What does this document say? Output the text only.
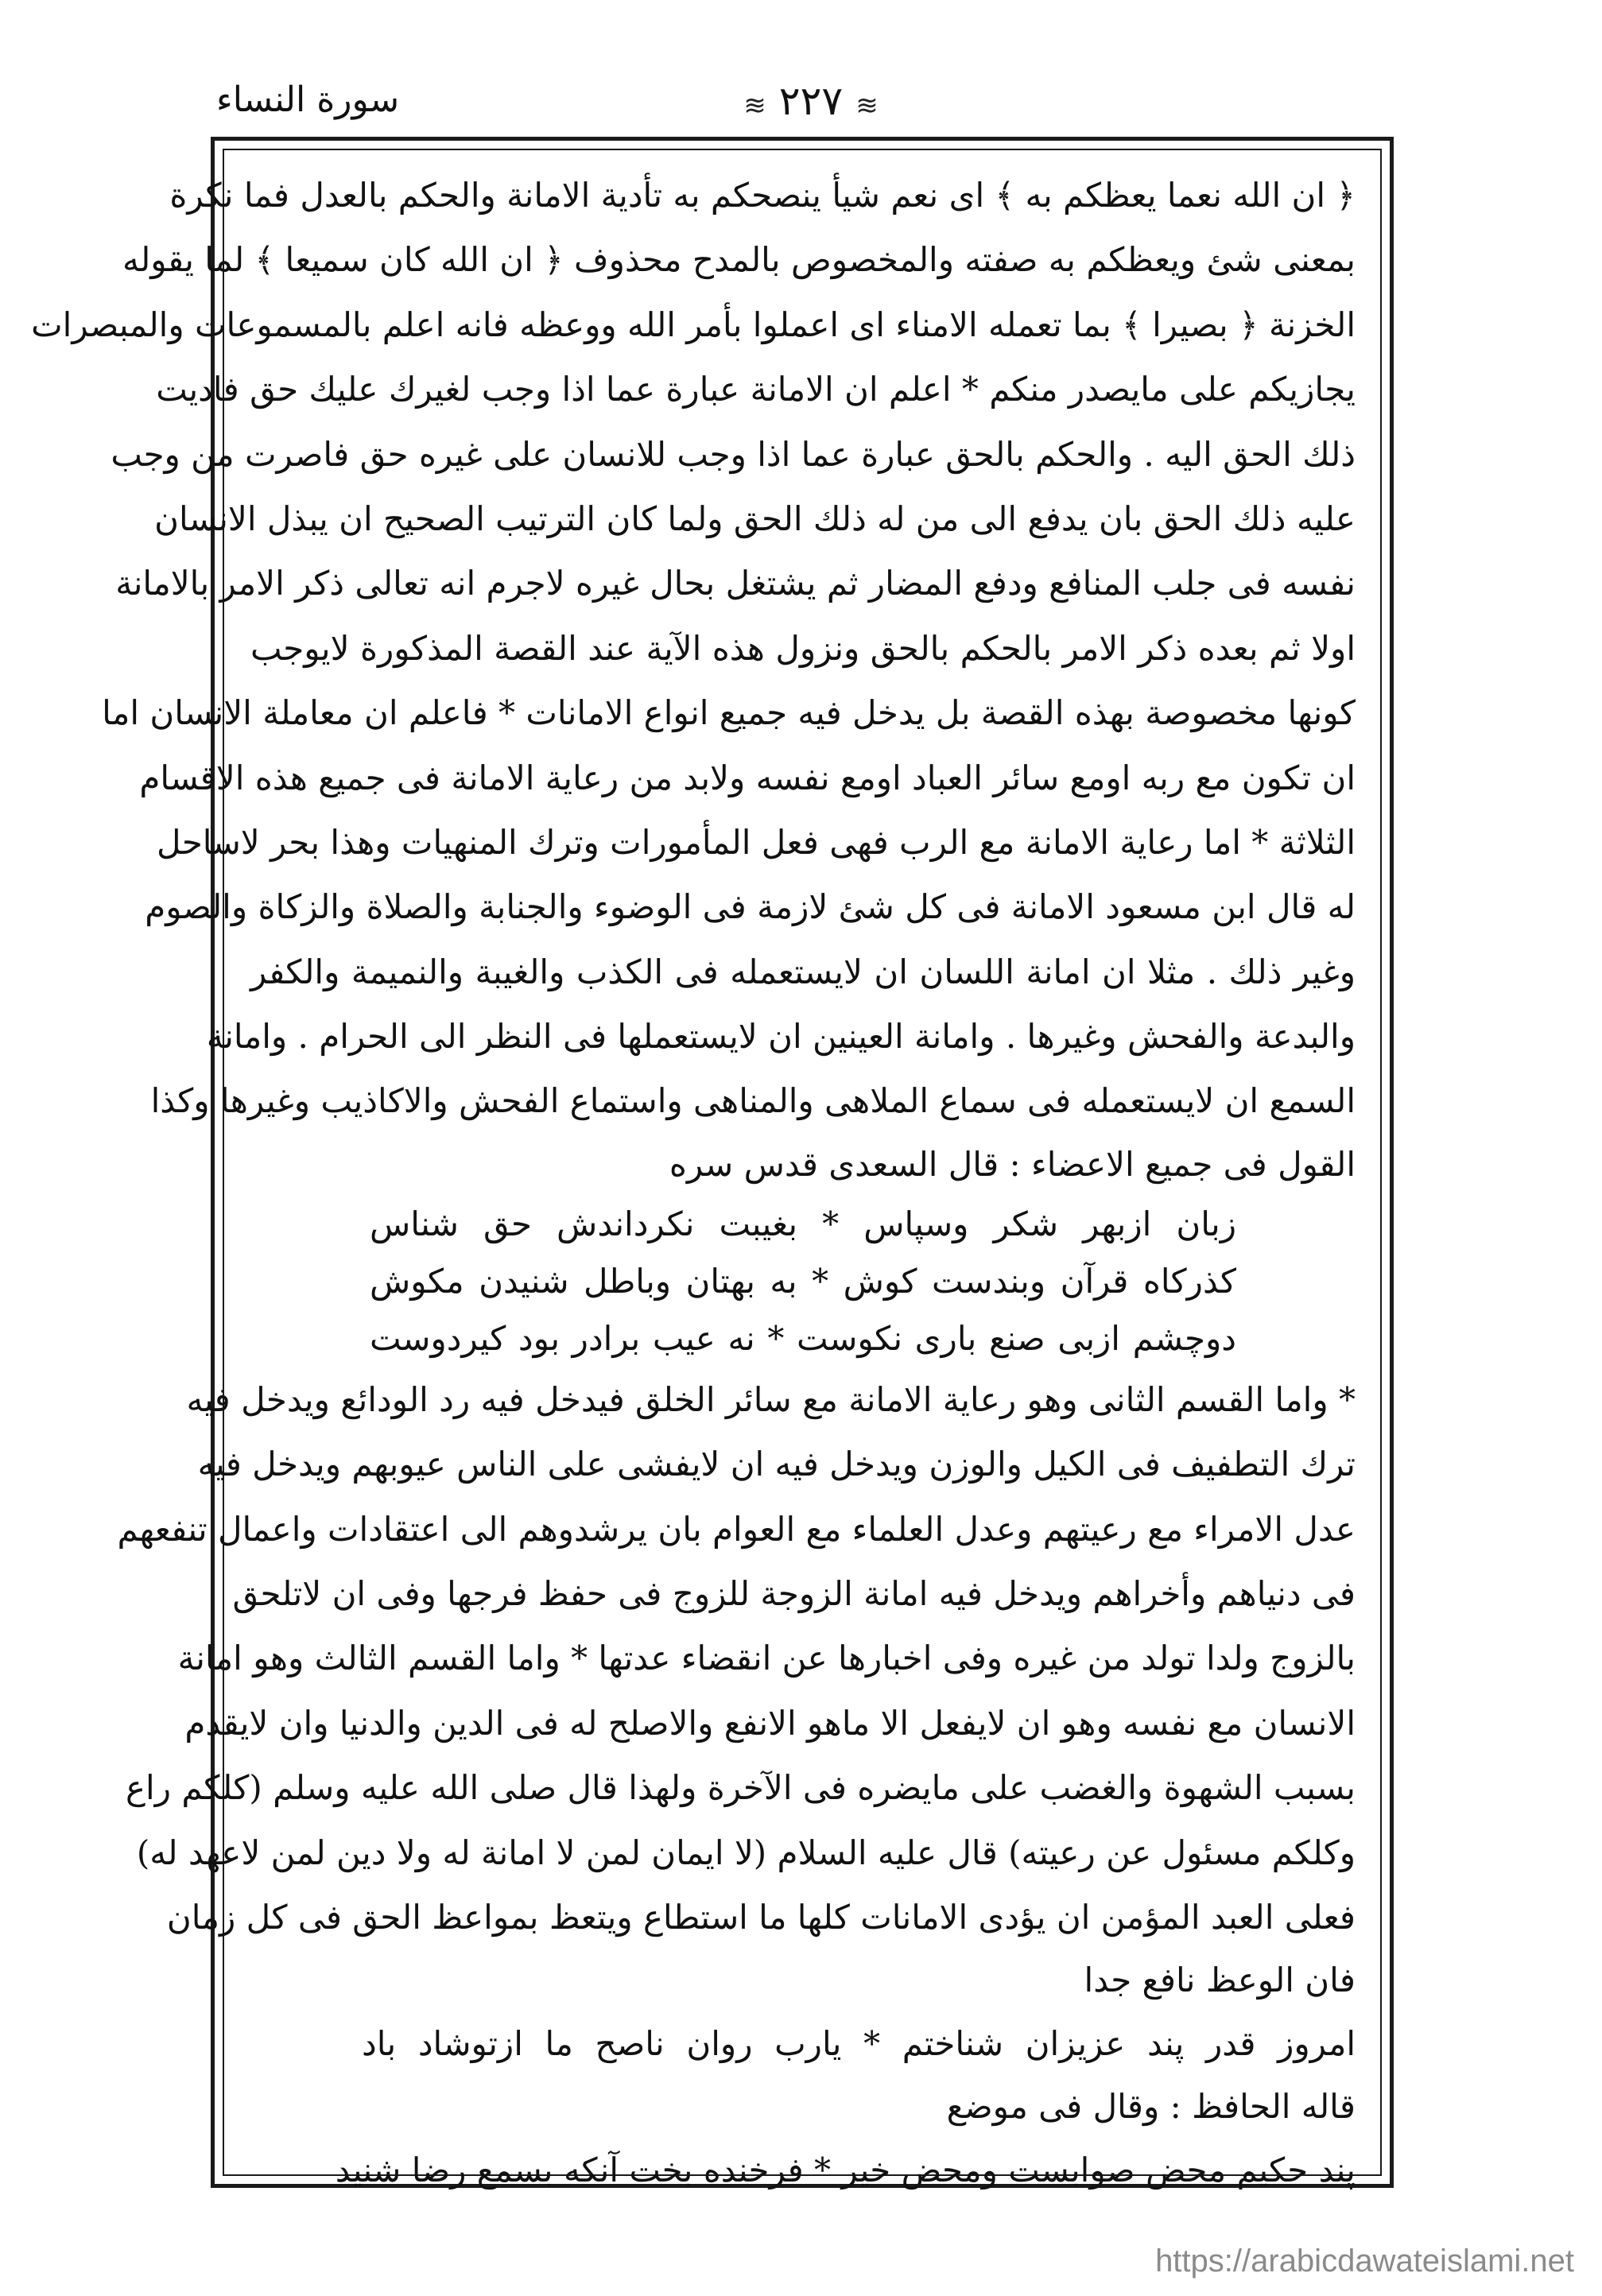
سورة النساء	≋ ٢٢٧ ≋
﴿ ان الله نعما يعظكم به ﴾ اى نعم شيأ ينصحكم به تأدية الامانة والحكم بالعدل فما نكرة
بمعنى شئ ويعظكم به صفته والمخصوص بالمدح محذوف ﴿ ان الله كان سميعا ﴾ لما يقوله
الخزنة ﴿ بصيرا ﴾ بما تعمله الامناء اى اعملوا بأمر الله ووعظه فانه اعلم بالمسموعات والمبصرات
يجازيكم على مايصدر منكم * اعلم ان الامانة عبارة عما اذا وجب لغيرك عليك حق فاديت
ذلك الحق اليه . والحكم بالحق عبارة عما اذا وجب للانسان على غيره حق فاصرت من وجب
عليه ذلك الحق بان يدفع الى من له ذلك الحق ولما كان الترتيب الصحيح ان يبذل الانسان
نفسه فى جلب المنافع ودفع المضار ثم يشتغل بحال غيره لاجرم انه تعالى ذكر الامر بالامانة
اولا ثم بعده ذكر الامر بالحكم بالحق ونزول هذه الآية عند القصة المذكورة لايوجب
كونها مخصوصة بهذه القصة بل يدخل فيه جميع انواع الامانات * فاعلم ان معاملة الانسان اما
ان تكون مع ربه اومع سائر العباد اومع نفسه ولابد من رعاية الامانة فى جميع هذه الاقسام
الثلاثة * اما رعاية الامانة مع الرب فهى فعل المأمورات وترك المنهيات وهذا بحر لاساحل
له قال ابن مسعود الامانة فى كل شئ لازمة فى الوضوء والجنابة والصلاة والزكاة والصوم
وغير ذلك . مثلا ان امانة اللسان ان لايستعمله فى الكذب والغيبة والنميمة والكفر
والبدعة والفحش وغيرها . وامانة العينين ان لايستعملها فى النظر الى الحرام . وامانة
السمع ان لايستعمله فى سماع الملاهى والمناهى واستماع الفحش والاكاذيب وغيرها وكذا
القول فى جميع الاعضاء : قال السعدى قدس سره
زبان ازبهر شكر وسپاس * بغيبت نكرداندش حق شناس
كذركاه قرآن وبندست كوش * به بهتان وباطل شنيدن مكوش
دوچشم ازبى صنع بارى نكوست * نه عيب برادر بود كيردوست
* واما القسم الثانى وهو رعاية الامانة مع سائر الخلق فيدخل فيه رد الودائع ويدخل فيه
ترك التطفيف فى الكيل والوزن ويدخل فيه ان لايفشى على الناس عيوبهم ويدخل فيه
عدل الامراء مع رعيتهم وعدل العلماء مع العوام بان يرشدوهم الى اعتقادات واعمال تنفعهم
فى دنياهم وأخراهم ويدخل فيه امانة الزوجة للزوج فى حفظ فرجها وفى ان لاتلحق
بالزوج ولدا تولد من غيره وفى اخبارها عن انقضاء عدتها * واما القسم الثالث وهو امانة
الانسان مع نفسه وهو ان لايفعل الا ماهو الانفع والاصلح له فى الدين والدنيا وان لايقدم
بسبب الشهوة والغضب على مايضره فى الآخرة ولهذا قال صلى الله عليه وسلم (كلكم راع
وكلكم مسئول عن رعيته) قال عليه السلام (لا ايمان لمن لا امانة له ولا دين لمن لاعهد له)
فعلى العبد المؤمن ان يؤدى الامانات كلها ما استطاع ويتعظ بمواعظ الحق فى كل زمان
فان الوعظ نافع جدا
امروز قدر پند عزيزان شناختم * يارب روان ناصح ما ازتوشاد باد
قاله الحافظ : وقال فى موضع
پند حكيم محض صوابست ومحض خير * فرخنده بخت آنكه بسمع رضا شنيد
https://arabicdawateislami.net
